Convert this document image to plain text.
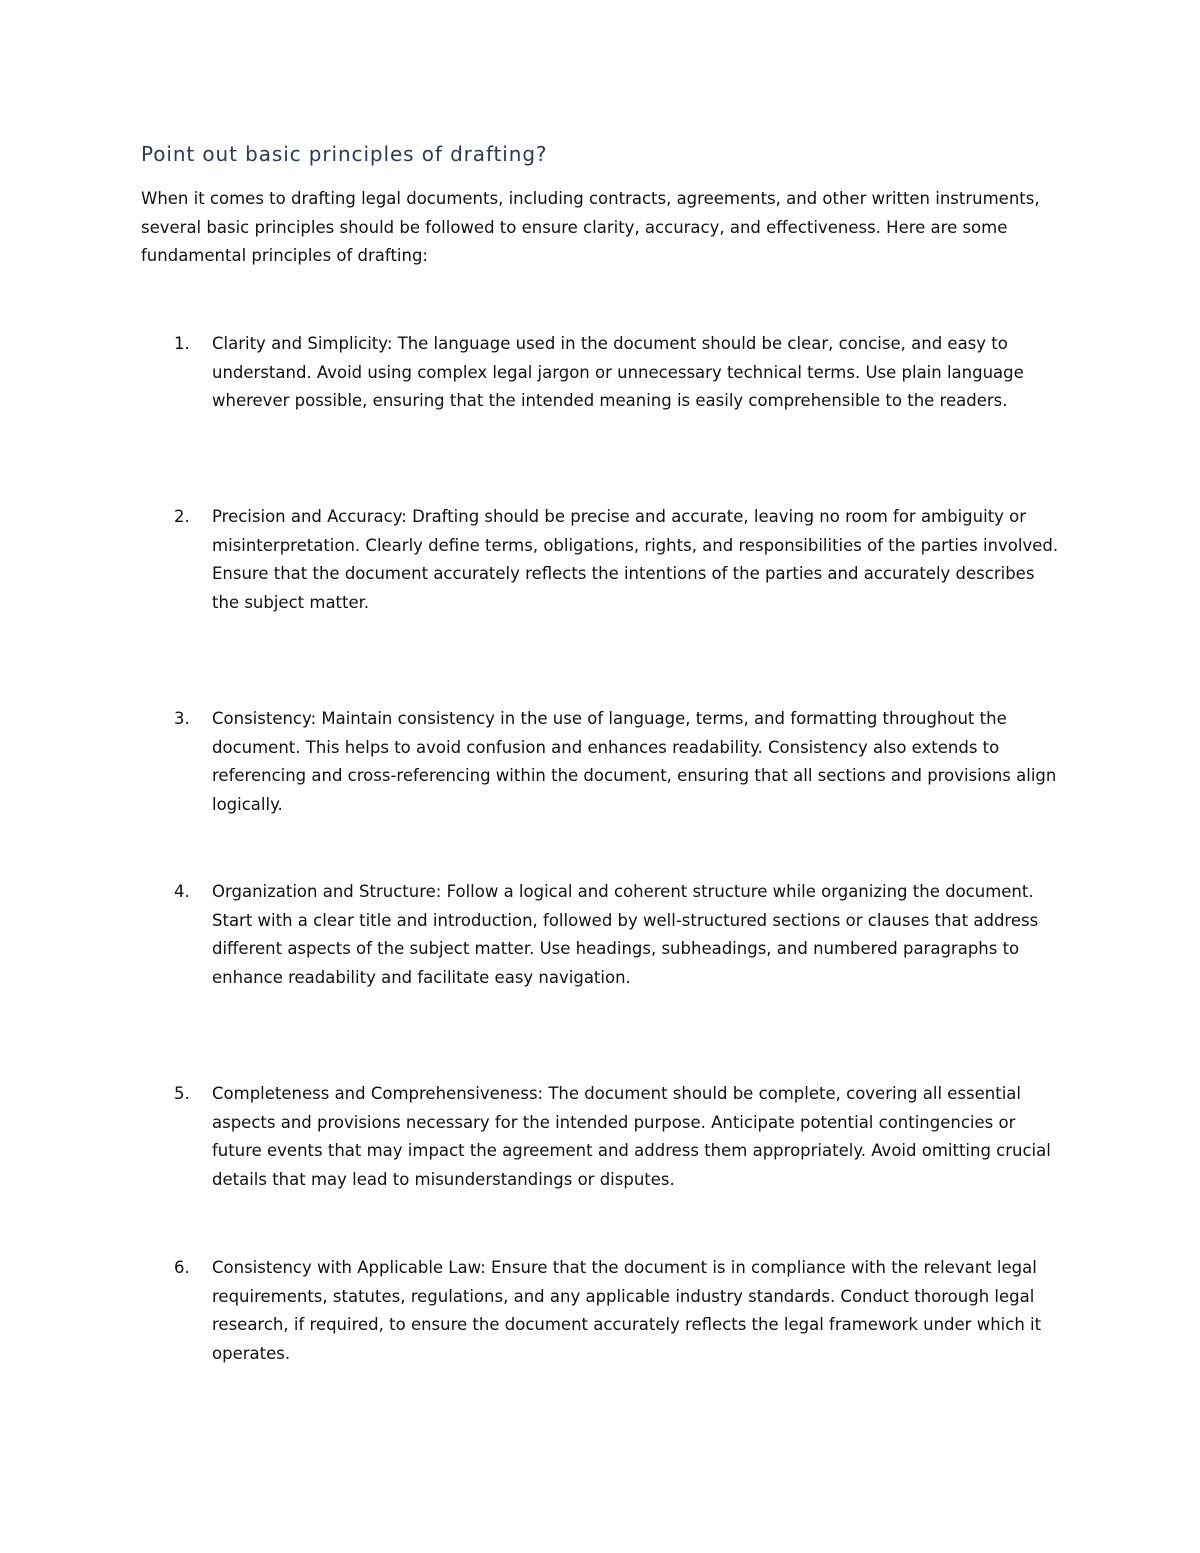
Point out basic principles of drafting?

When it comes to drafting legal documents, including contracts, agreements, and other written instruments, several basic principles should be followed to ensure clarity, accuracy, and effectiveness. Here are some fundamental principles of drafting:

1. Clarity and Simplicity: The language used in the document should be clear, concise, and easy to understand. Avoid using complex legal jargon or unnecessary technical terms. Use plain language wherever possible, ensuring that the intended meaning is easily comprehensible to the readers.

2. Precision and Accuracy: Drafting should be precise and accurate, leaving no room for ambiguity or misinterpretation. Clearly define terms, obligations, rights, and responsibilities of the parties involved. Ensure that the document accurately reflects the intentions of the parties and accurately describes the subject matter.

3. Consistency: Maintain consistency in the use of language, terms, and formatting throughout the document. This helps to avoid confusion and enhances readability. Consistency also extends to referencing and cross-referencing within the document, ensuring that all sections and provisions align logically.

4. Organization and Structure: Follow a logical and coherent structure while organizing the document. Start with a clear title and introduction, followed by well-structured sections or clauses that address different aspects of the subject matter. Use headings, subheadings, and numbered paragraphs to enhance readability and facilitate easy navigation.

5. Completeness and Comprehensiveness: The document should be complete, covering all essential aspects and provisions necessary for the intended purpose. Anticipate potential contingencies or future events that may impact the agreement and address them appropriately. Avoid omitting crucial details that may lead to misunderstandings or disputes.

6. Consistency with Applicable Law: Ensure that the document is in compliance with the relevant legal requirements, statutes, regulations, and any applicable industry standards. Conduct thorough legal research, if required, to ensure the document accurately reflects the legal framework under which it operates.
